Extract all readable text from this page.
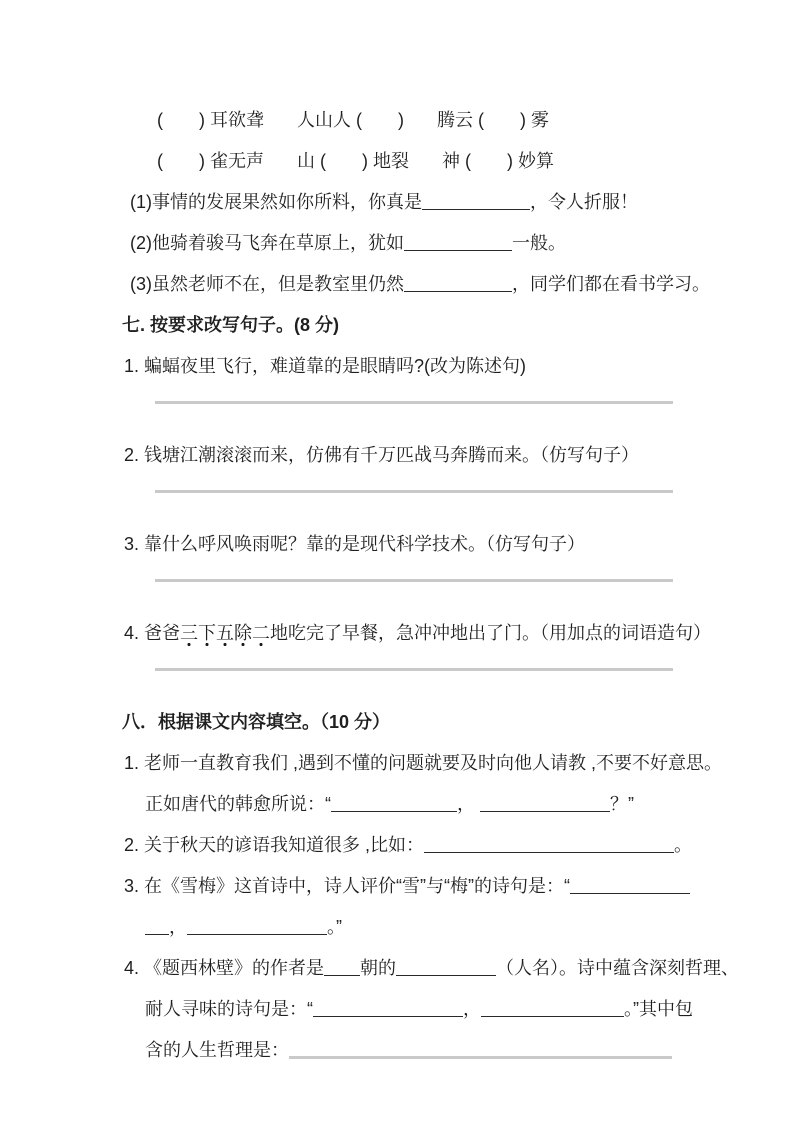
(　　) 耳欲聋 人山人 (　　) 腾云 (　　) 雾
(　　) 雀无声 山 (　　) 地裂 神 (　　) 妙算
(1)事情的发展果然如你所料，你真是	，令人折服！
(2)他骑着骏马飞奔在草原上，犹如	一般。
(3)虽然老师不在，但是教室里仍然	，同学们都在看书学习。
七. 按要求改写句子。(8 分)
1. 蝙蝠夜里飞行，难道靠的是眼睛吗?(改为陈述句)
2. 钱塘江潮滚滚而来，仿佛有千万匹战马奔腾而来。（仿写句子）
3. 靠什么呼风唤雨呢？靠的是现代科学技术。（仿写句子）
4. 爸爸三下五除二地吃完了早餐，急冲冲地出了门。（用加点的词语造句）
八．根据课文内容填空。（10 分）
1. 老师一直教育我们 ,遇到不懂的问题就要及时向他人请教 ,不要不好意思。
正如唐代的韩愈所说：“	，	？”
2. 关于秋天的谚语我知道很多 ,比如：	。
3. 在《雪梅》这首诗中，诗人评价“雪”与“梅”的诗句是：“
，	。”
4. 《题西林壁》的作者是 朝的	（人名）。诗中蕴含深刻哲理、
耐人寻味的诗句是：“	，	。”其中包
含的人生哲理是：
